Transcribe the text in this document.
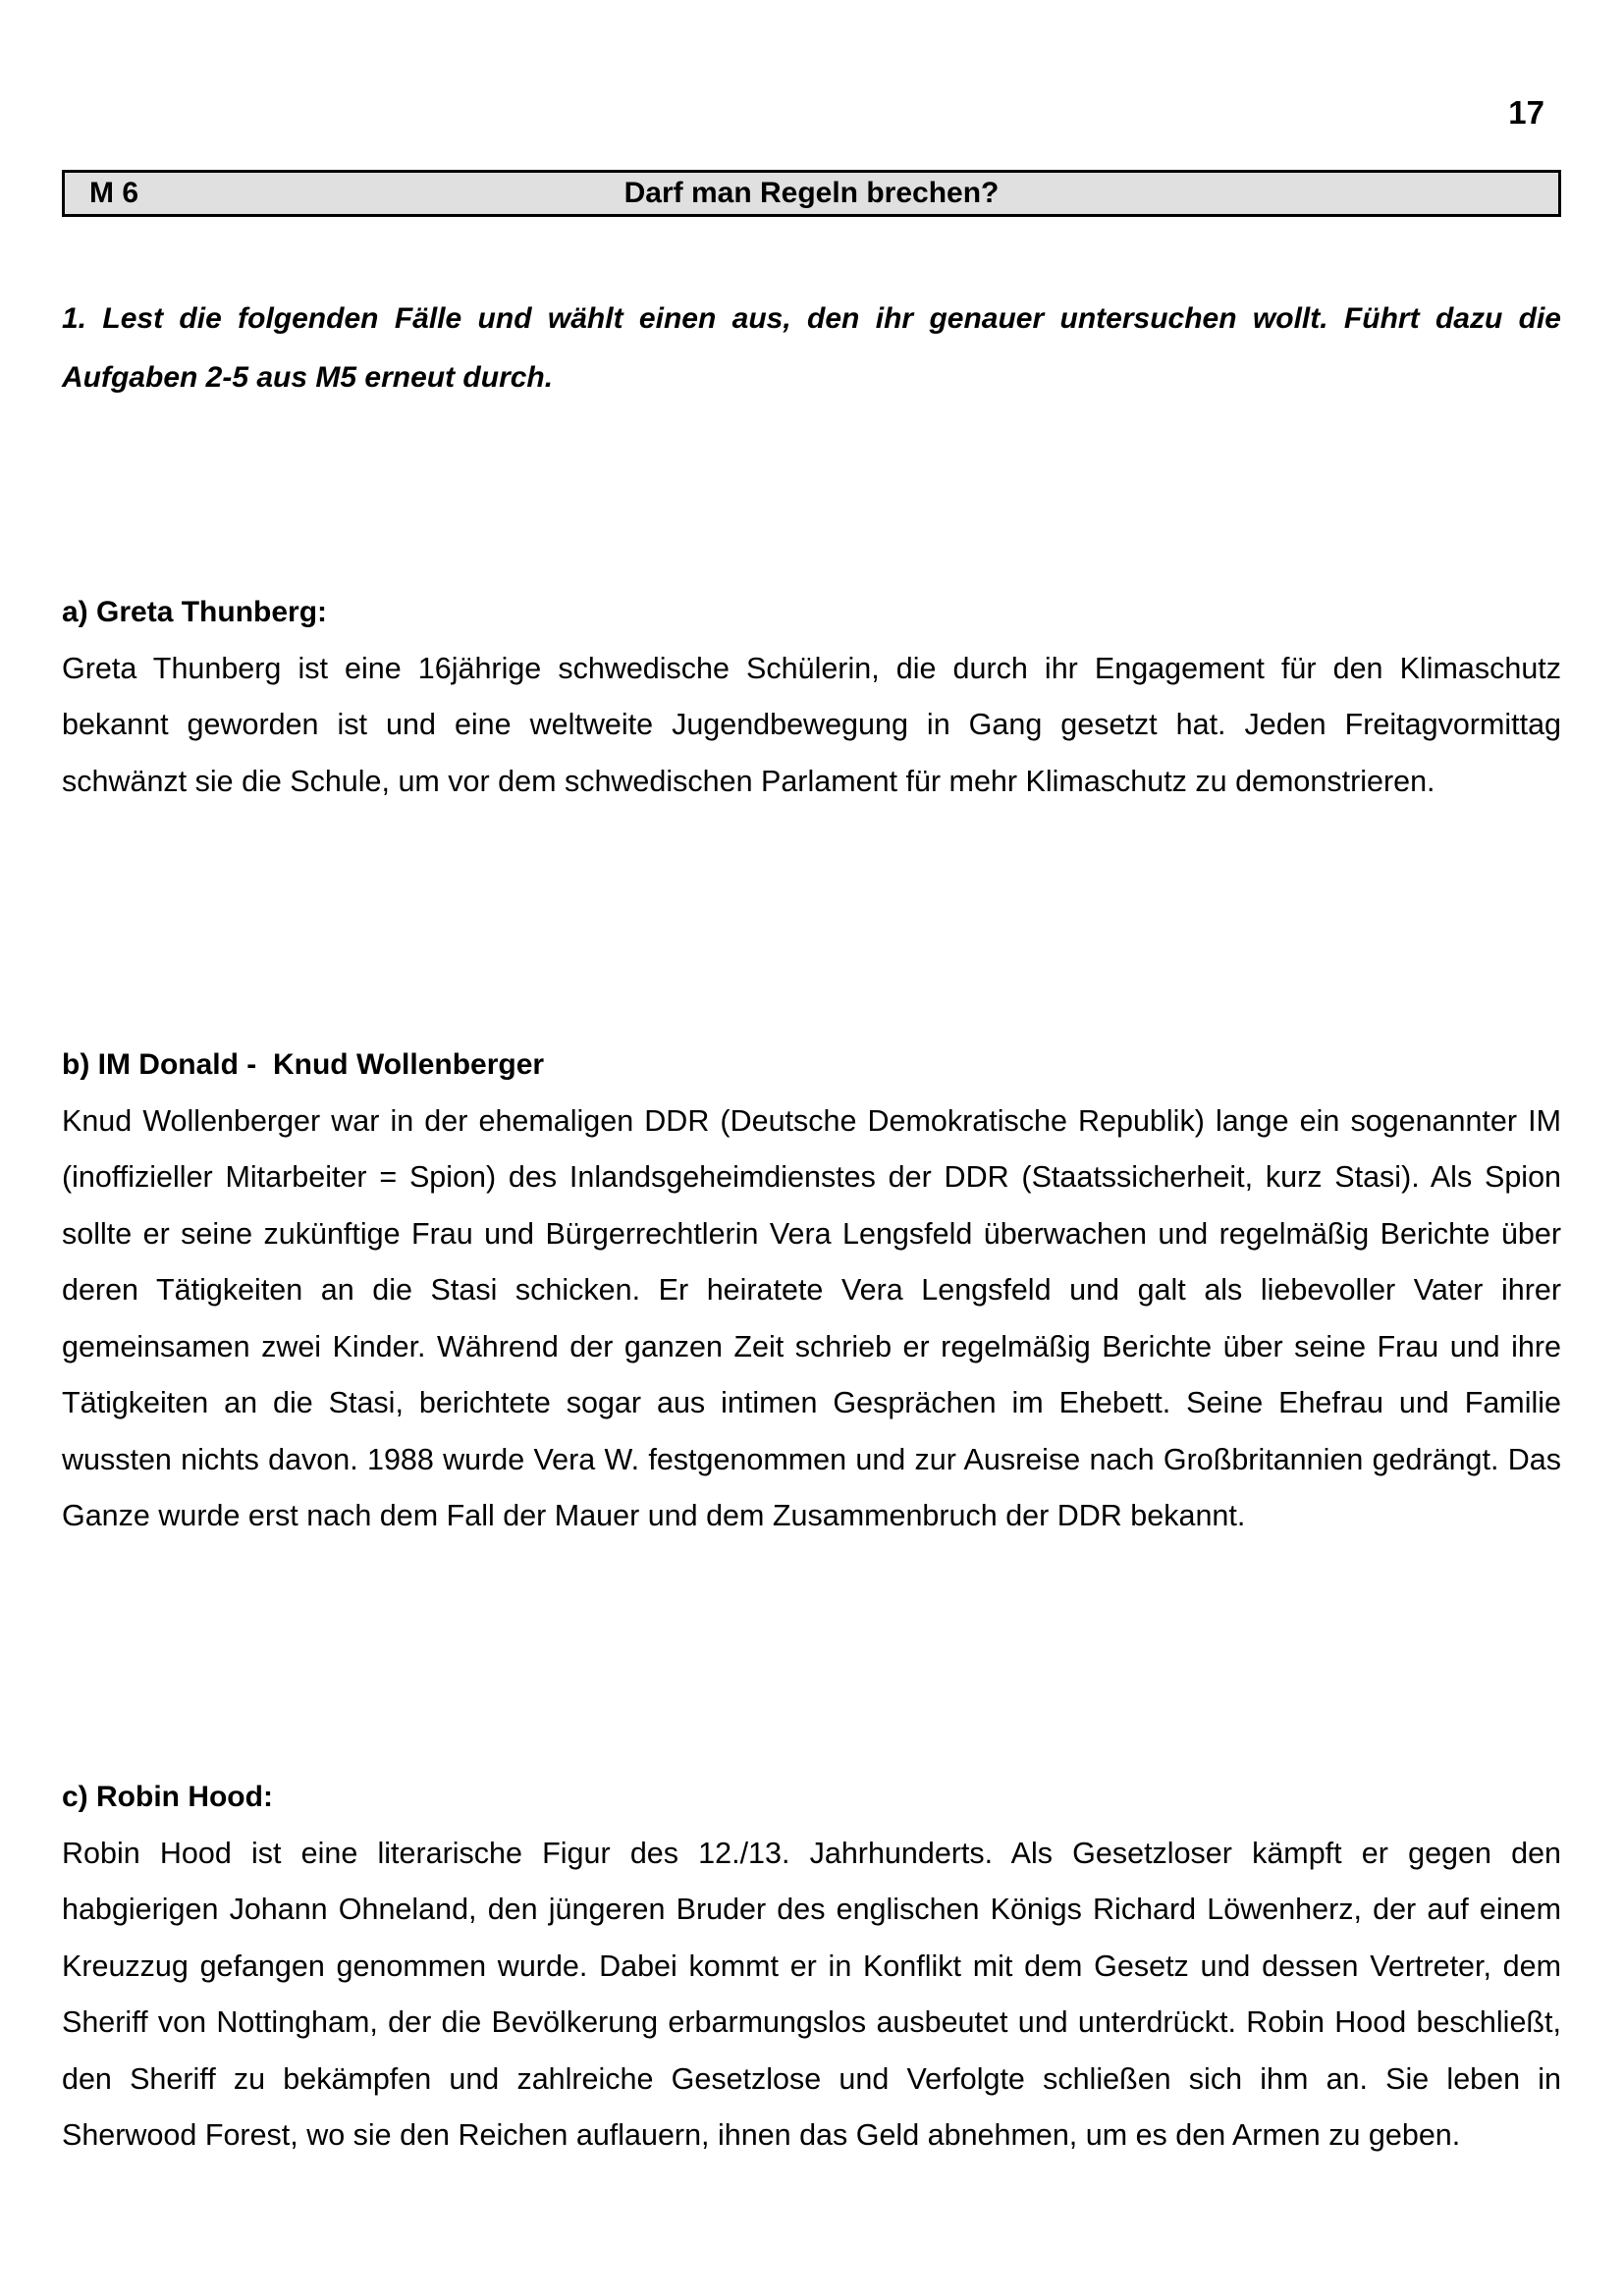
17
M 6	Darf man Regeln brechen?
1. Lest die folgenden Fälle und wählt einen aus, den ihr genauer untersuchen wollt. Führt dazu die Aufgaben 2-5 aus M5 erneut durch.
a) Greta Thunberg:

Greta Thunberg ist eine 16jährige schwedische Schülerin, die durch ihr Engagement für den Klimaschutz bekannt geworden ist und eine weltweite Jugendbewegung in Gang gesetzt hat. Jeden Freitagvormittag schwänzt sie die Schule, um vor dem schwedischen Parlament für mehr Klimaschutz zu demonstrieren.

b) IM Donald -  Knud Wollenberger

Knud Wollenberger war in der ehemaligen DDR (Deutsche Demokratische Republik) lange ein sogenannter IM (inoffizieller Mitarbeiter = Spion) des Inlandsgeheimdienstes der DDR (Staatssicherheit, kurz Stasi). Als Spion sollte er seine zukünftige Frau und Bürgerrechtlerin Vera Lengsfeld überwachen und regelmäßig Berichte über deren Tätigkeiten an die Stasi schicken. Er heiratete Vera Lengsfeld und galt als liebevoller Vater ihrer gemeinsamen zwei Kinder. Während der ganzen Zeit schrieb er regelmäßig Berichte über seine Frau und ihre Tätigkeiten an die Stasi, berichtete sogar aus intimen Gesprächen im Ehebett. Seine Ehefrau und Familie wussten nichts davon. 1988 wurde Vera W. festgenommen und zur Ausreise nach Großbritannien gedrängt. Das Ganze wurde erst nach dem Fall der Mauer und dem Zusammenbruch der DDR bekannt.

c) Robin Hood:

Robin Hood ist eine literarische Figur des 12./13. Jahrhunderts. Als Gesetzloser kämpft er gegen den habgierigen Johann Ohneland, den jüngeren Bruder des englischen Königs Richard Löwenherz, der auf einem Kreuzzug gefangen genommen wurde. Dabei kommt er in Konflikt mit dem Gesetz und dessen Vertreter, dem Sheriff von Nottingham, der die Bevölkerung erbarmungslos ausbeutet und unterdrückt. Robin Hood beschließt, den Sheriff zu bekämpfen und zahlreiche Gesetzlose und Verfolgte schließen sich ihm an. Sie leben in Sherwood Forest, wo sie den Reichen auflauern, ihnen das Geld abnehmen, um es den Armen zu geben.
